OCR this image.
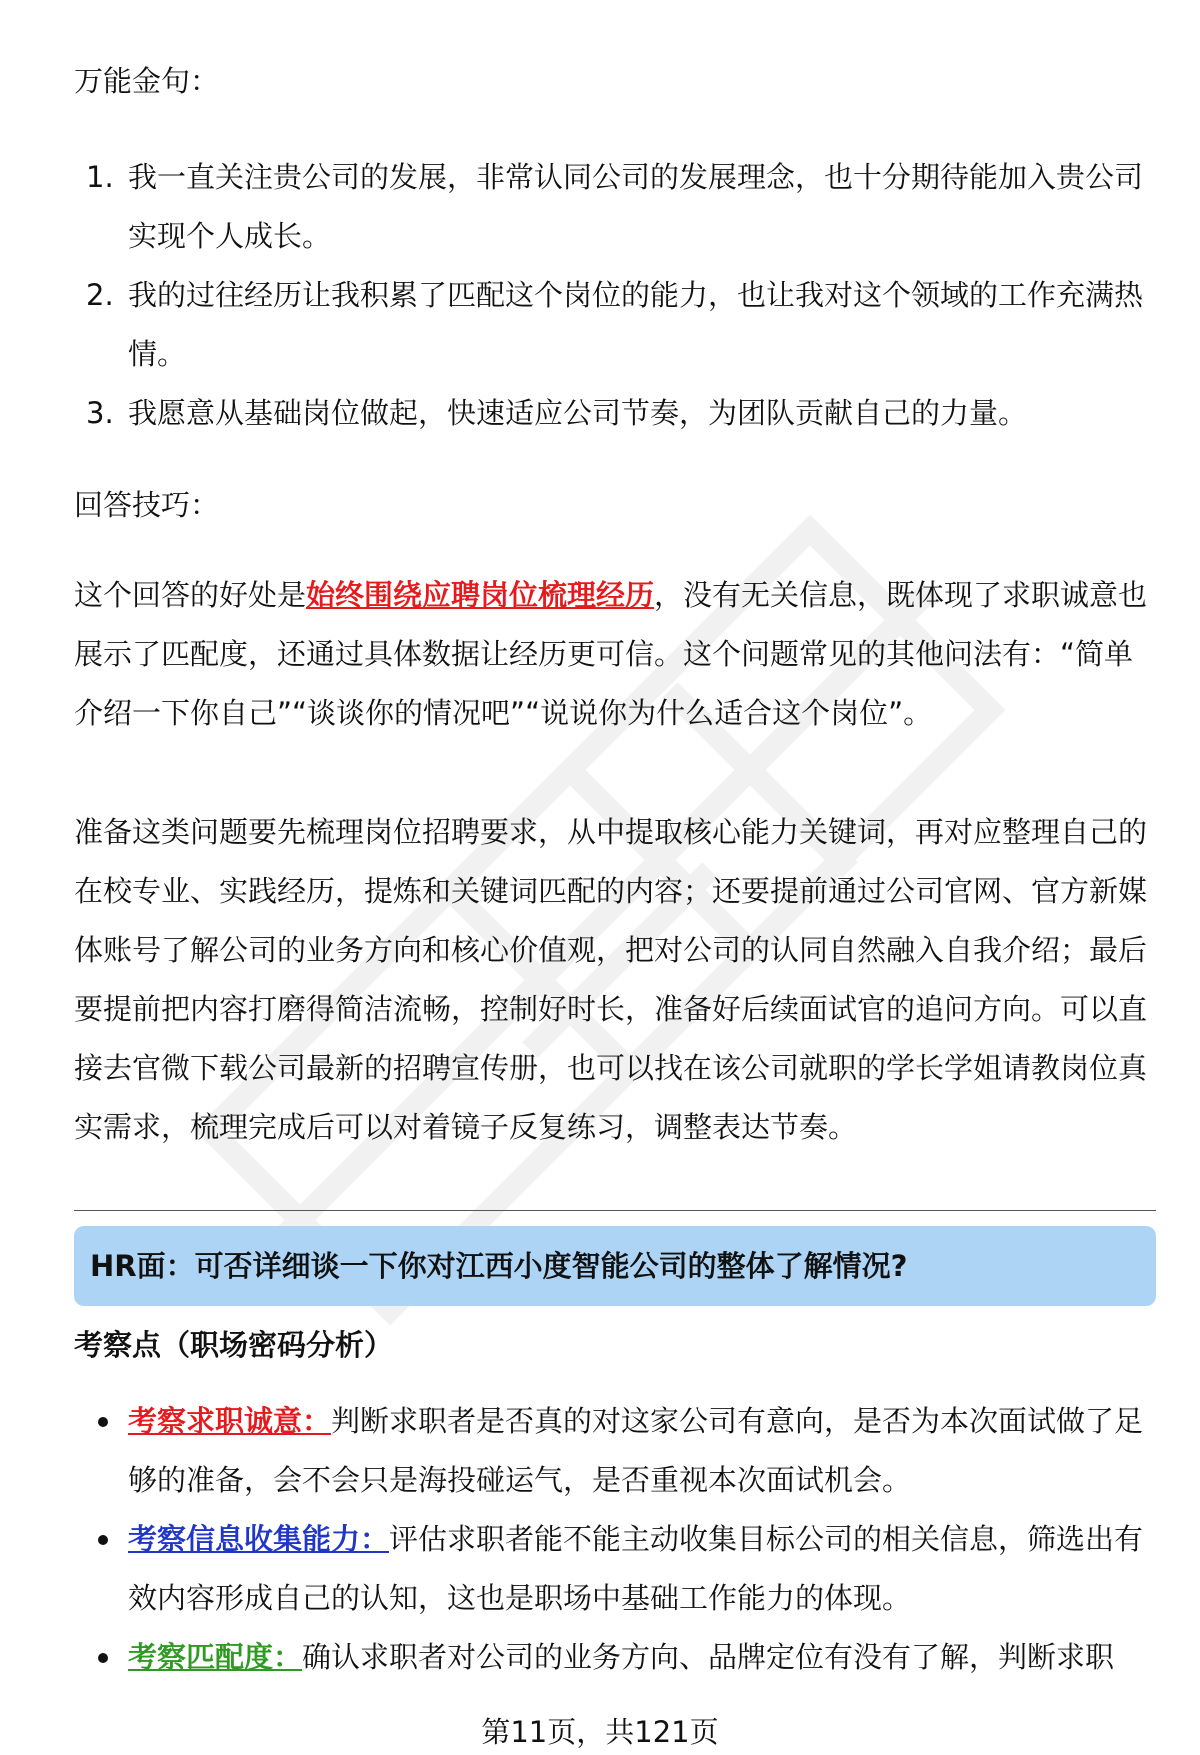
万能金句：

1. 我一直关注贵公司的发展，非常认同公司的发展理念，也十分期待能加入贵公司实现个人成长。
2. 我的过往经历让我积累了匹配这个岗位的能力，也让我对这个领域的工作充满热情。
3. 我愿意从基础岗位做起，快速适应公司节奏，为团队贡献自己的力量。

回答技巧：

这个回答的好处是始终围绕应聘岗位梳理经历，没有无关信息，既体现了求职诚意也展示了匹配度，还通过具体数据让经历更可信。这个问题常见的其他问法有：“简单介绍一下你自己”“谈谈你的情况吧”“说说你为什么适合这个岗位”。

准备这类问题要先梳理岗位招聘要求，从中提取核心能力关键词，再对应整理自己的在校专业、实践经历，提炼和关键词匹配的内容；还要提前通过公司官网、官方新媒体账号了解公司的业务方向和核心价值观，把对公司的认同自然融入自我介绍；最后要提前把内容打磨得简洁流畅，控制好时长，准备好后续面试官的追问方向。可以直接去官微下载公司最新的招聘宣传册，也可以找在该公司就职的学长学姐请教岗位真实需求，梳理完成后可以对着镜子反复练习，调整表达节奏。

HR面：可否详细谈一下你对江西小度智能公司的整体了解情况?
考察点（职场密码分析）
考察求职诚意：判断求职者是否真的对这家公司有意向，是否为本次面试做了足够的准备，会不会只是海投碰运气，是否重视本次面试机会。
考察信息收集能力：评估求职者能不能主动收集目标公司的相关信息，筛选出有效内容形成自己的认知，这也是职场中基础工作能力的体现。
考察匹配度：确认求职者对公司的业务方向、品牌定位有没有了解，判断求职
第11页，共121页
